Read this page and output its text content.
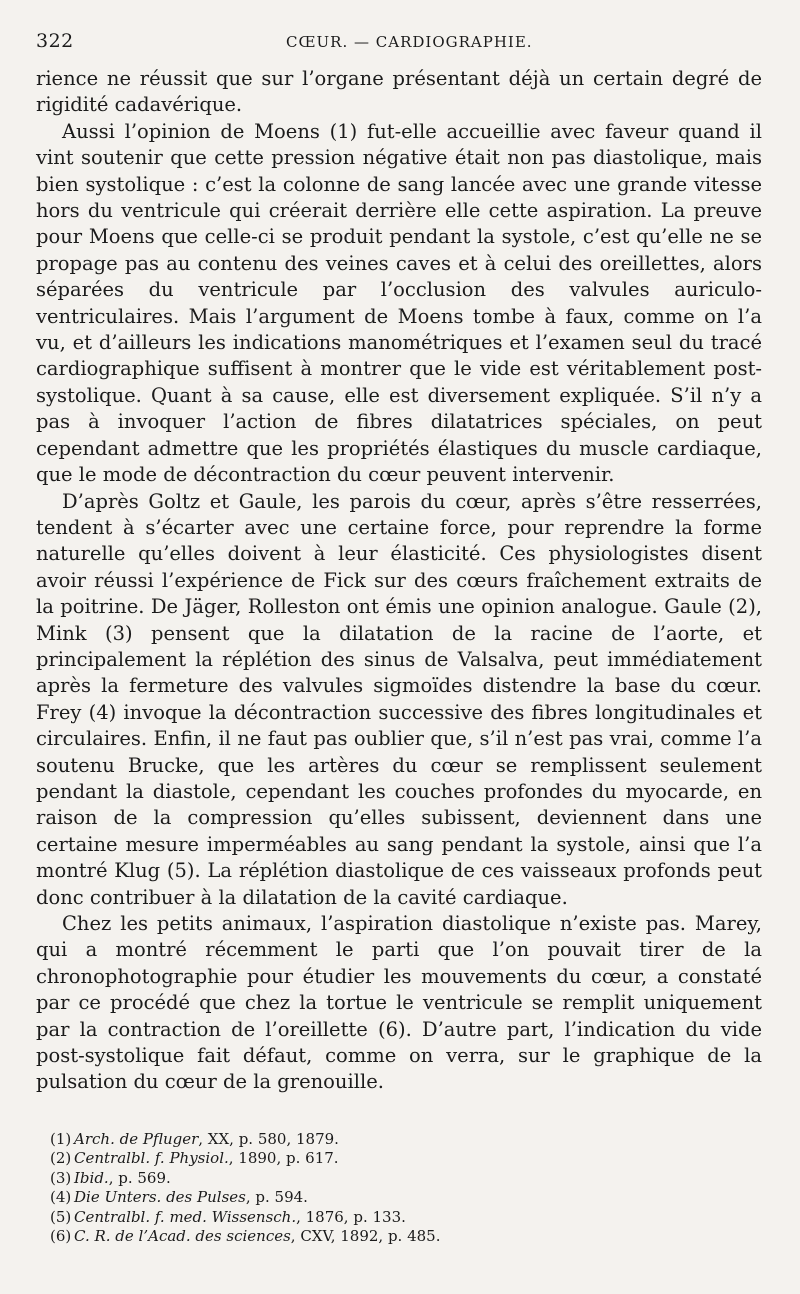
322	CŒUR. — CARDIOGRAPHIE.

rience ne réussit que sur l’organe présentant déjà un certain degré de rigidité cadavérique.

Aussi l’opinion de Moens (1) fut-elle accueillie avec faveur quand il vint soutenir que cette pression négative était non pas diastolique, mais bien systolique : c’est la colonne de sang lancée avec une grande vitesse hors du ventricule qui créerait derrière elle cette aspiration. La preuve pour Moens que celle-ci se produit pendant la systole, c’est qu’elle ne se propage pas au contenu des veines caves et à celui des oreillettes, alors séparées du ventricule par l’occlusion des valvules auriculo-ventriculaires. Mais l’argument de Moens tombe à faux, comme on l’a vu, et d’ailleurs les indications manométriques et l’examen seul du tracé cardiographique suffisent à montrer que le vide est véritablement post-systolique. Quant à sa cause, elle est diversement expliquée. S’il n’y a pas à invoquer l’action de fibres dilatatrices spéciales, on peut cependant admettre que les propriétés élastiques du muscle cardiaque, que le mode de décontraction du cœur peuvent intervenir.

D’après Goltz et Gaule, les parois du cœur, après s’être resserrées, tendent à s’écarter avec une certaine force, pour reprendre la forme naturelle qu’elles doivent à leur élasticité. Ces physiologistes disent avoir réussi l’expérience de Fick sur des cœurs fraîchement extraits de la poitrine. De Jäger, Rolleston ont émis une opinion analogue. Gaule (2), Mink (3) pensent que la dilatation de la racine de l’aorte, et principalement la réplétion des sinus de Valsalva, peut immédiatement après la fermeture des valvules sigmoïdes distendre la base du cœur. Frey (4) invoque la décontraction successive des fibres longitudinales et circulaires. Enfin, il ne faut pas oublier que, s’il n’est pas vrai, comme l’a soutenu Brucke, que les artères du cœur se remplissent seulement pendant la diastole, cependant les couches profondes du myocarde, en raison de la compression qu’elles subissent, deviennent dans une certaine mesure imperméables au sang pendant la systole, ainsi que l’a montré Klug (5). La réplétion diastolique de ces vaisseaux profonds peut donc contribuer à la dilatation de la cavité cardiaque.

Chez les petits animaux, l’aspiration diastolique n’existe pas. Marey, qui a montré récemment le parti que l’on pouvait tirer de la chronophotographie pour étudier les mouvements du cœur, a constaté par ce procédé que chez la tortue le ventricule se remplit uniquement par la contraction de l’oreillette (6). D’autre part, l’indication du vide post-systolique fait défaut, comme on verra, sur le graphique de la pulsation du cœur de la grenouille.

(1) Arch. de Pfluger, XX, p. 580, 1879.
(2) Centralbl. f. Physiol., 1890, p. 617.
(3) Ibid., p. 569.
(4) Die Unters. des Pulses, p. 594.
(5) Centralbl. f. med. Wissensch., 1876, p. 133.
(6) C. R. de l’Acad. des sciences, CXV, 1892, p. 485.
